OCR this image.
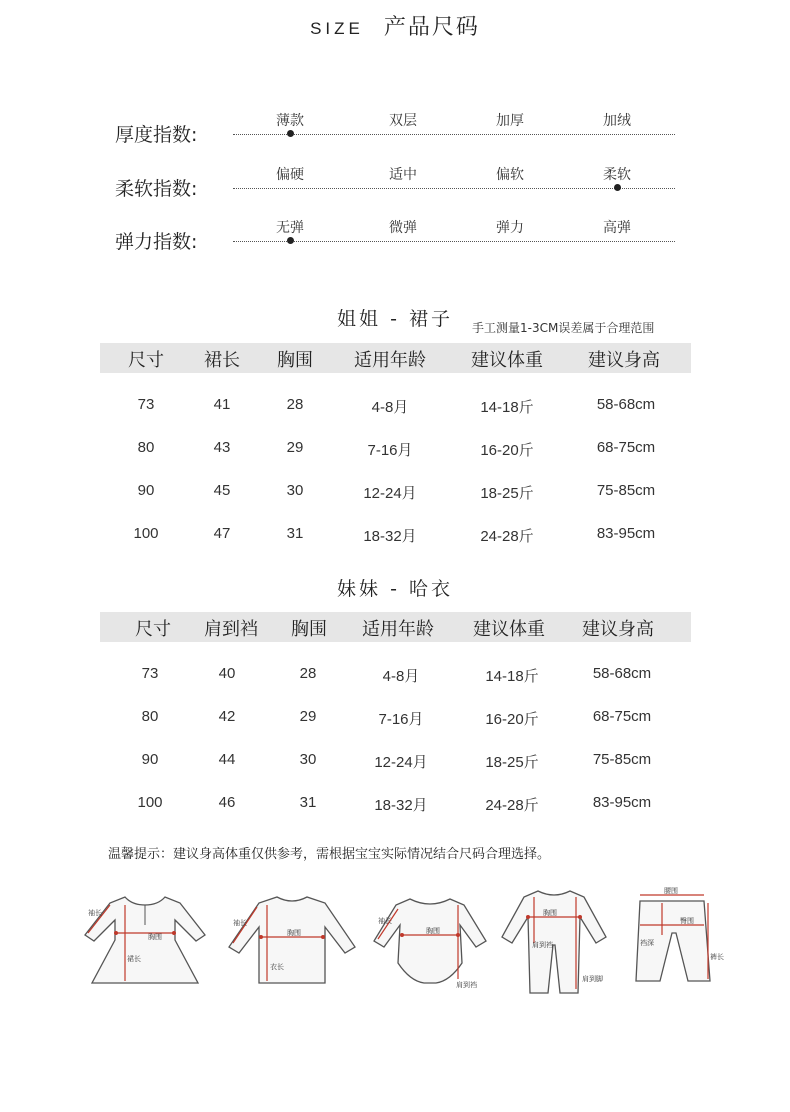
SIZE 产品尺码
厚度指数:
薄款	双层	加厚	加绒
柔软指数:
偏硬	适中	偏软	柔软
弹力指数:
无弹	微弹	弹力	高弹
姐姐 - 裙子	手工测量1-3CM误差属于合理范围
尺寸	裙长	胸围	适用年龄	建议体重	建议身高
73	41	28	4-8月	14-18斤	58-68cm
80	43	29	7-16月	16-20斤	68-75cm
90	45	30	12-24月	18-25斤	75-85cm
100	47	31	18-32月	24-28斤	83-95cm
妹妹 - 哈衣
尺寸	肩到裆	胸围	适用年龄	建议体重	建议身高
73	40	28	4-8月	14-18斤	58-68cm
80	42	29	7-16月	16-20斤	68-75cm
90	44	30	12-24月	18-25斤	75-85cm
100	46	31	18-32月	24-28斤	83-95cm
温馨提示：建议身高体重仅供参考，需根据宝宝实际情况结合尺码合理选择。
袖长
胸围
裙长
袖长
胸围
衣长
袖长
胸围
肩到裆
胸围
肩到裆
肩到脚
腰围
臀围
裆深
裤长
